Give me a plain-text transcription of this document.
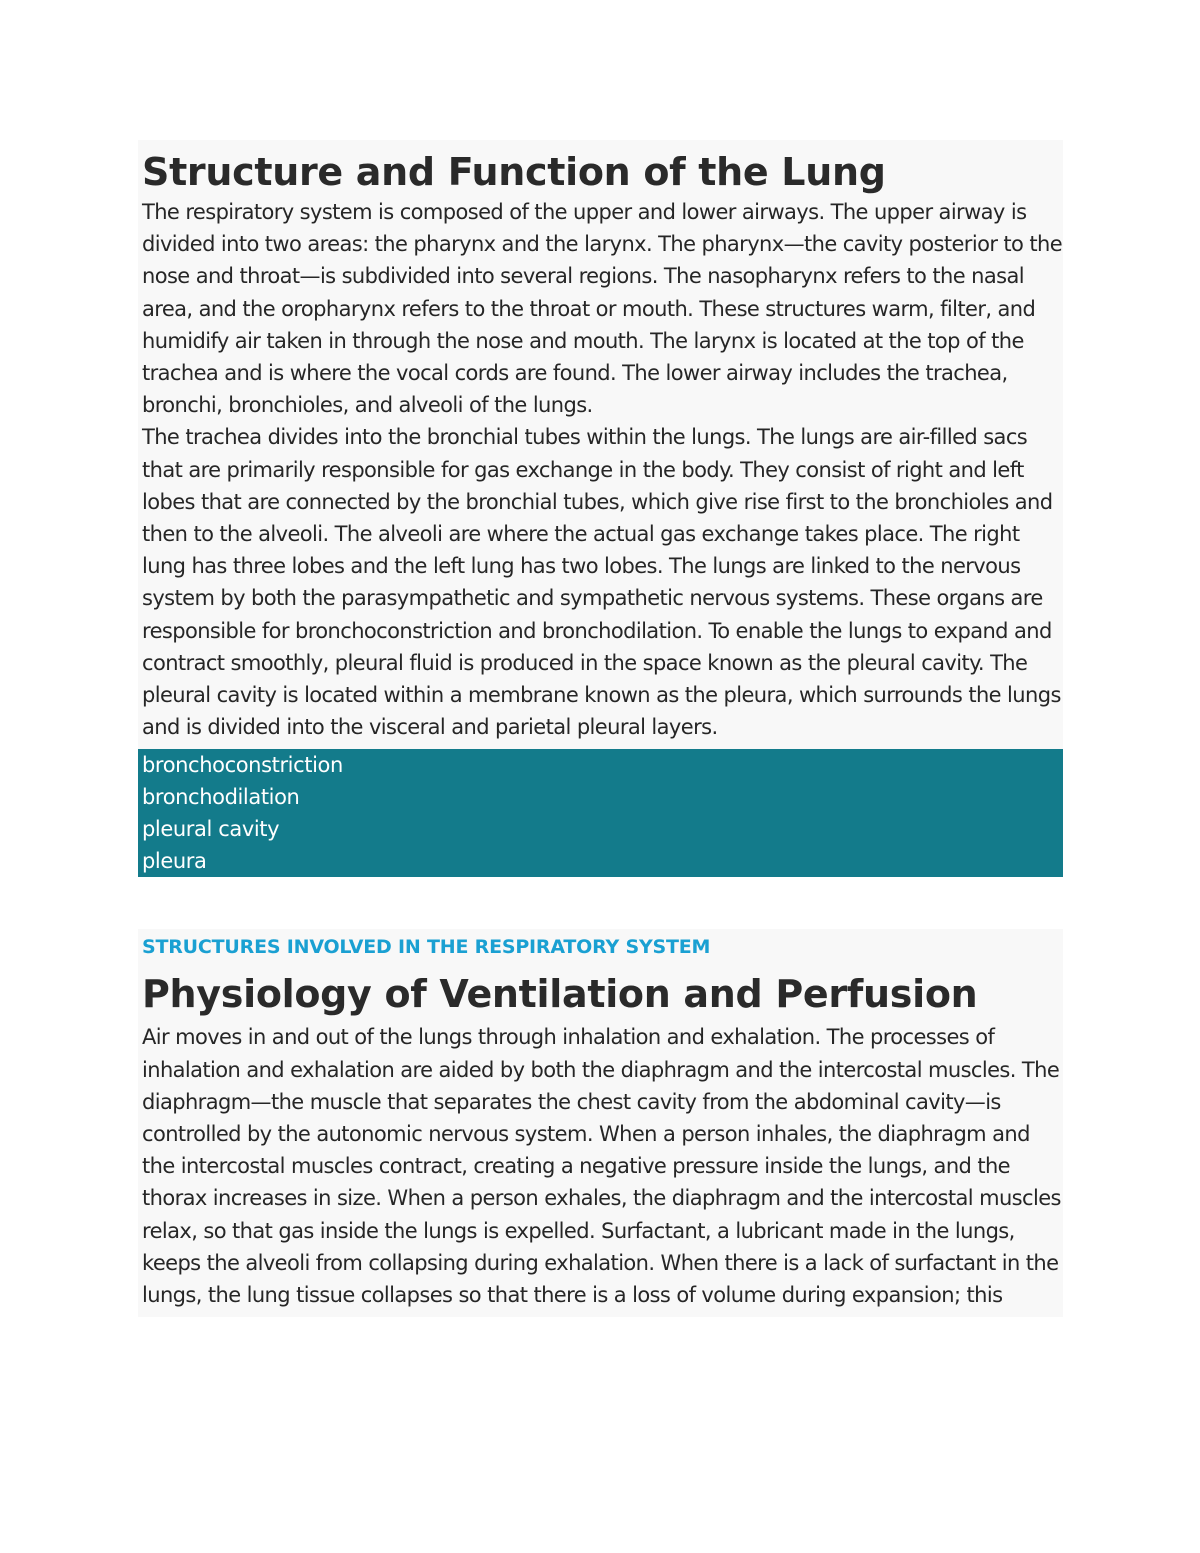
Structure and Function of the Lung

The respiratory system is composed of the upper and lower airways. The upper airway is divided into two areas: the pharynx and the larynx. The pharynx—the cavity posterior to the nose and throat—is subdivided into several regions. The nasopharynx refers to the nasal area, and the oropharynx refers to the throat or mouth. These structures warm, filter, and humidify air taken in through the nose and mouth. The larynx is located at the top of the trachea and is where the vocal cords are found. The lower airway includes the trachea, bronchi, bronchioles, and alveoli of the lungs.

The trachea divides into the bronchial tubes within the lungs. The lungs are air-filled sacs that are primarily responsible for gas exchange in the body. They consist of right and left lobes that are connected by the bronchial tubes, which give rise first to the bronchioles and then to the alveoli. The alveoli are where the actual gas exchange takes place. The right lung has three lobes and the left lung has two lobes. The lungs are linked to the nervous system by both the parasympathetic and sympathetic nervous systems. These organs are responsible for bronchoconstriction and bronchodilation. To enable the lungs to expand and contract smoothly, pleural fluid is produced in the space known as the pleural cavity. The pleural cavity is located within a membrane known as the pleura, which surrounds the lungs and is divided into the visceral and parietal pleural layers.

bronchoconstriction
bronchodilation
pleural cavity
pleura

STRUCTURES INVOLVED IN THE RESPIRATORY SYSTEM

Physiology of Ventilation and Perfusion

Air moves in and out of the lungs through inhalation and exhalation. The processes of inhalation and exhalation are aided by both the diaphragm and the intercostal muscles. The diaphragm—the muscle that separates the chest cavity from the abdominal cavity—is controlled by the autonomic nervous system. When a person inhales, the diaphragm and the intercostal muscles contract, creating a negative pressure inside the lungs, and the thorax increases in size. When a person exhales, the diaphragm and the intercostal muscles relax, so that gas inside the lungs is expelled. Surfactant, a lubricant made in the lungs, keeps the alveoli from collapsing during exhalation. When there is a lack of surfactant in the lungs, the lung tissue collapses so that there is a loss of volume during expansion; this
